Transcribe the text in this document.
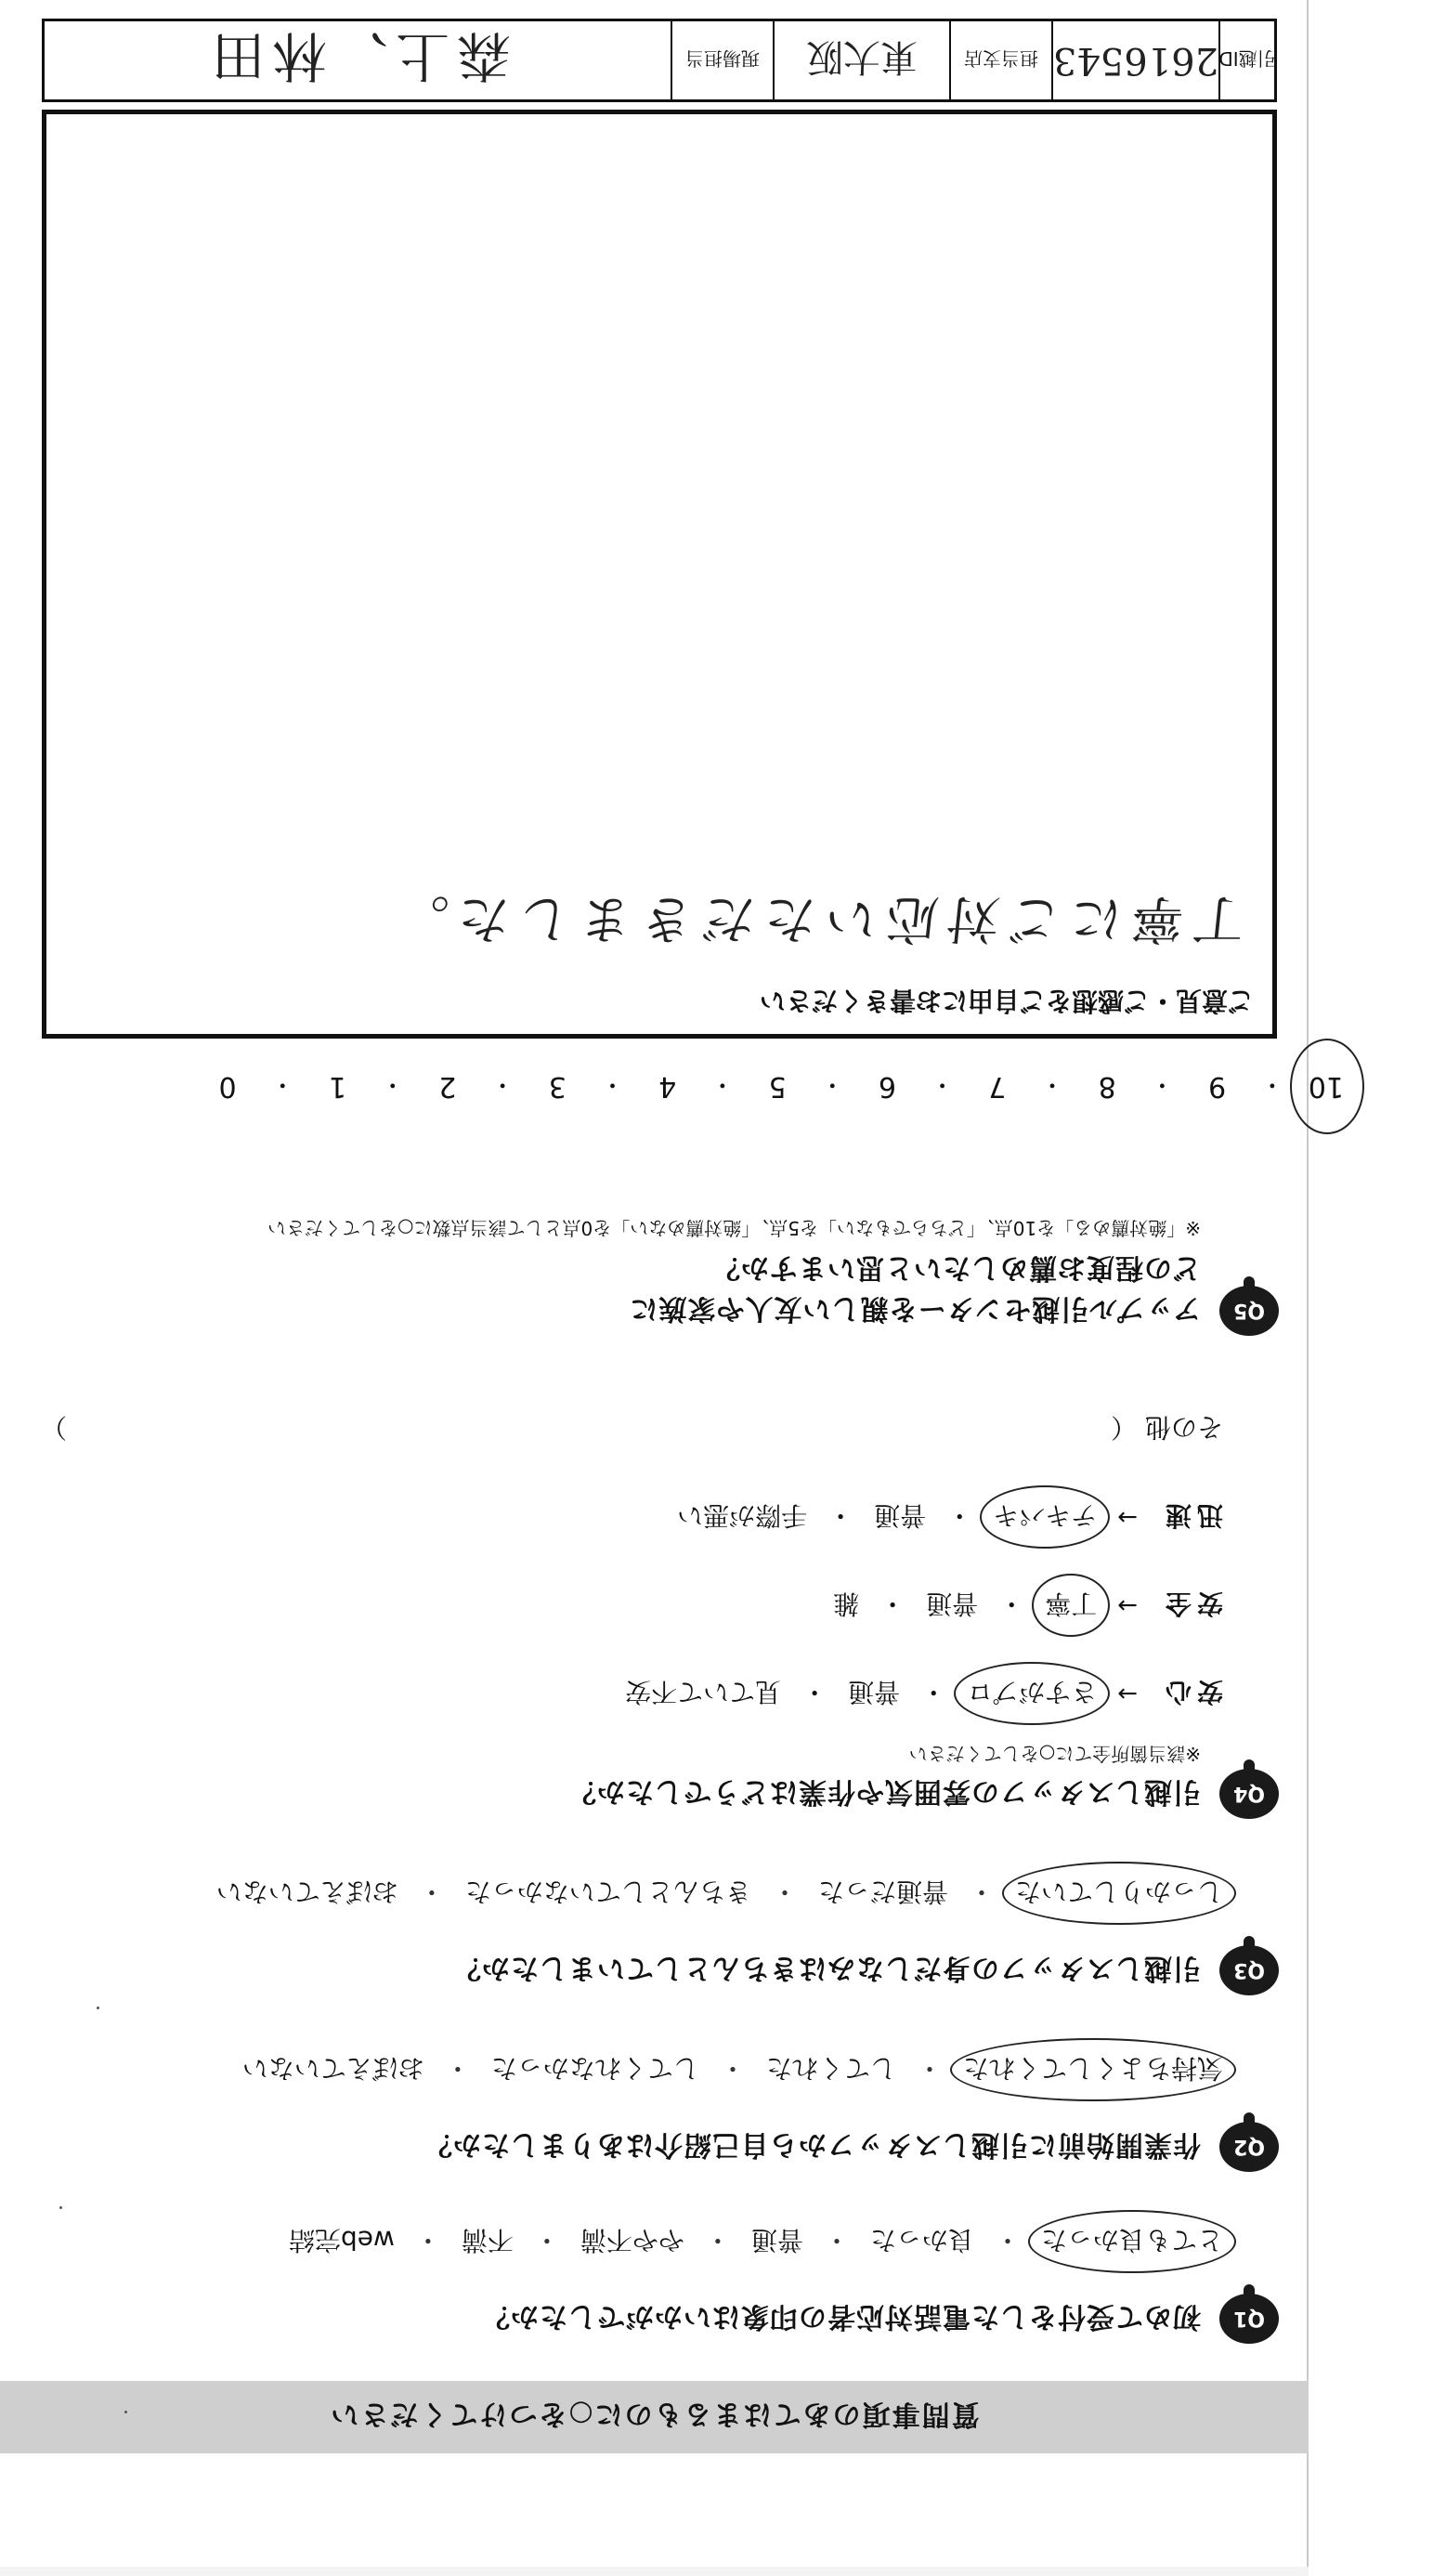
質問事項のあてはまるものに○をつけてください
Q1
初めて受付をした電話対応者の印象はいかがでしたか？
とても良かった
・
良かった
・
普通
・
やや不満
・
不満
・
web完結
Q2
作業開始前に引越しスタッフから自己紹介はありましたか？
気持ちよくしてくれた
・
してくれた
・
してくれなかった
・
おぼえていない
Q3
引越しスタッフの身だしなみはきちんとしていましたか？
しっかりしていた
・
普通だった
・
きちんとしていなかった
・
おぼえていない
Q4
引越しスタッフの雰囲気や作業はどうでしたか？
※該当箇所全てに○をしてください
安心
→
さすがプロ
・
普通
・
見ていて不安
安全
→
丁寧
・
普通
・
雑
迅速
→
テキパキ
・
普通
・
手際が悪い
その他 （
）
Q5
アップル引越センターを親しい友人や家族に
どの程度お薦めしたいと思いますか？
※「絶対薦める」を10点、「どちらでもない」を5点、「絶対薦めない」を0点として該当点数に○をしてください
10
・
9
・
8
・
7
・
6
・
5
・
4
・
3
・
2
・
1
・
0
ご意見・ご感想をご自由にお書きください
丁寧にご対応いただきました。
引越ID
2616543
担当支店
東大阪
現場担当
森上、林田
